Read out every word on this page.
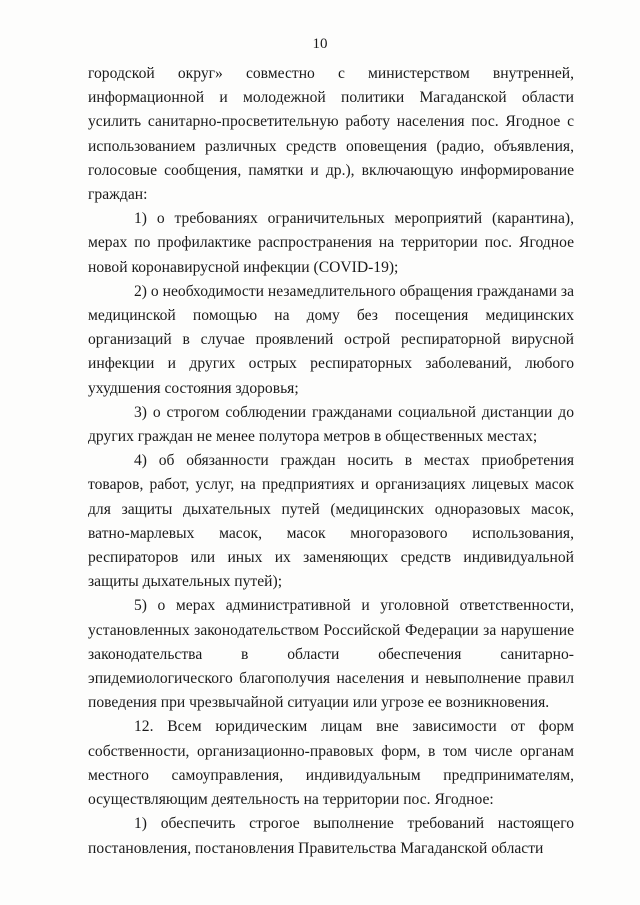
10

городской округ» совместно с министерством внутренней, информационной и молодежной политики Магаданской области усилить санитарно-просветительную работу населения пос. Ягодное с использованием различных средств оповещения (радио, объявления, голосовые сообщения, памятки и др.), включающую информирование граждан:

1) о требованиях ограничительных мероприятий (карантина), мерах по профилактике распространения на территории пос. Ягодное новой коронавирусной инфекции (COVID-19);

2) о необходимости незамедлительного обращения гражданами за медицинской помощью на дому без посещения медицинских организаций в случае проявлений острой респираторной вирусной инфекции и других острых респираторных заболеваний, любого ухудшения состояния здоровья;

3) о строгом соблюдении гражданами социальной дистанции до других граждан не менее полутора метров в общественных местах;

4) об обязанности граждан носить в местах приобретения товаров, работ, услуг, на предприятиях и организациях лицевых масок для защиты дыхательных путей (медицинских одноразовых масок, ватно-марлевых масок, масок многоразового использования, респираторов или иных их заменяющих средств индивидуальной защиты дыхательных путей);

5) о мерах административной и уголовной ответственности, установленных законодательством Российской Федерации за нарушение законодательства в области обеспечения санитарно-эпидемиологического благополучия населения и невыполнение правил поведения при чрезвычайной ситуации или угрозе ее возникновения.

12. Всем юридическим лицам вне зависимости от форм собственности, организационно-правовых форм, в том числе органам местного самоуправления, индивидуальным предпринимателям, осуществляющим деятельность на территории пос. Ягодное:

1) обеспечить строгое выполнение требований настоящего постановления, постановления Правительства Магаданской области
